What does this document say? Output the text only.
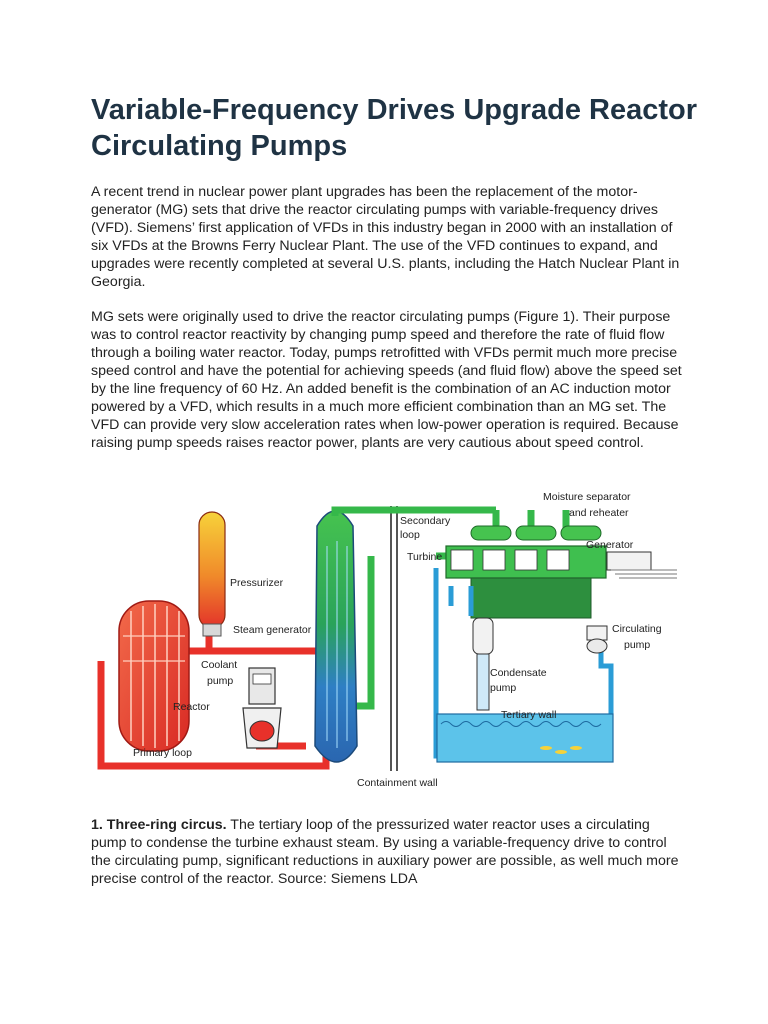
Variable-Frequency Drives Upgrade Reactor Circulating Pumps

A recent trend in nuclear power plant upgrades has been the replacement of the motor-generator (MG) sets that drive the reactor circulating pumps with variable-frequency drives (VFD). Siemens’ first application of VFDs in this industry began in 2000 with an installation of six VFDs at the Browns Ferry Nuclear Plant. The use of the VFD continues to expand, and upgrades were recently completed at several U.S. plants, including the Hatch Nuclear Plant in Georgia.

MG sets were originally used to drive the reactor circulating pumps (Figure 1). Their purpose was to control reactor reactivity by changing pump speed and therefore the rate of fluid flow through a boiling water reactor. Today, pumps retrofitted with VFDs permit much more precise speed control and have the potential for achieving speeds (and fluid flow) above the speed set by the line frequency of 60 Hz. An added benefit is the combination of an AC induction motor powered by a VFD, which results in a much more efficient combination than an MG set. The VFD can provide very slow acceleration rates when low-power operation is required. Because raising pump speeds raises reactor power, plants are very cautious about speed control.

Moisture separator
and reheater
Secondary
loop
Turbine
Generator
Pressurizer
Steam generator	Circulating
pump
Coolant
pump
Condensate
pump
Reactor
Tertiary wall
Primary loop
Containment wall

1. Three-ring circus. The tertiary loop of the pressurized water reactor uses a circulating pump to condense the turbine exhaust steam. By using a variable-frequency drive to control the circulating pump, significant reductions in auxiliary power are possible, as well much more precise control of the reactor. Source: Siemens LDA
